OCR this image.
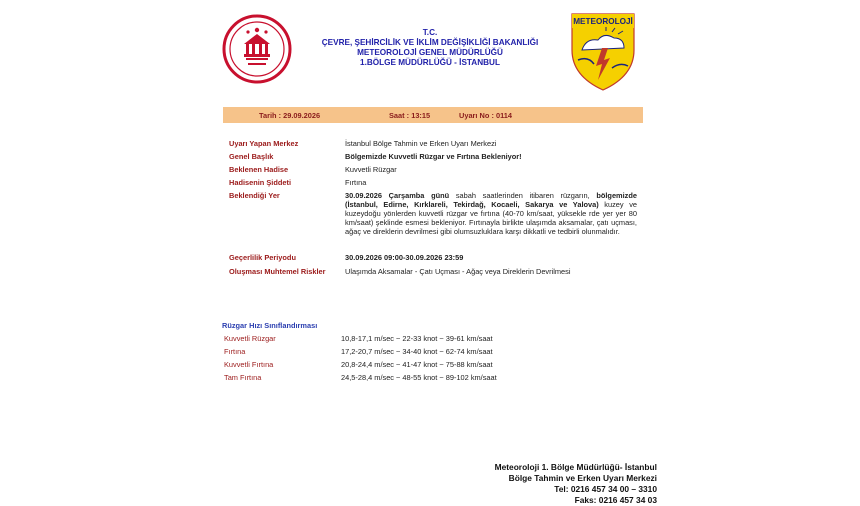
T.C.
ÇEVRE, ŞEHİRCİLİK VE İKLİM DEĞİŞİKLİĞİ BAKANLIĞI
METEOROLOJİ GENEL MÜDÜRLÜĞÜ
1.BÖLGE MÜDÜRLÜĞÜ - İSTANBUL
METEOROLOJİ
Tarih : 29.09.2026	Saat : 13:15	Uyarı No : 0114
Uyarı Yapan Merkez	İstanbul Bölge Tahmin ve Erken Uyarı Merkezi
Genel Başlık	Bölgemizde Kuvvetli Rüzgar ve Fırtına Bekleniyor!
Beklenen Hadise	Kuvvetli Rüzgar
Hadisenin Şiddeti	Fırtına
Beklendiği Yer	30.09.2026 Çarşamba günü sabah saatlerinden itibaren rüzgarın, bölgemizde (İstanbul, Edirne, Kırklareli, Tekirdağ, Kocaeli, Sakarya ve Yalova) kuzey ve kuzeydoğu yönlerden kuvvetli rüzgar ve fırtına (40-70 km/saat, yüksekle rde yer yer 80 km/saat) şeklinde esmesi bekleniyor. Fırtınayla birlikte ulaşımda aksamalar, çatı uçması, ağaç ve direklerin devrilmesi gibi olumsuzluklara karşı dikkatli ve tedbirli olunmalıdır.
Geçerlilik Periyodu	30.09.2026 09:00-30.09.2026 23:59
Oluşması Muhtemel Riskler	Ulaşımda Aksamalar - Çatı Uçması - Ağaç veya Direklerin Devrilmesi
Rüzgar Hızı Sınıflandırması
Kuvvetli Rüzgar	10,8-17,1 m/sec ~ 22-33 knot ~ 39-61 km/saat
Fırtına	17,2-20,7 m/sec ~ 34-40 knot ~ 62-74 km/saat
Kuvvetli Fırtına	20,8-24,4 m/sec ~ 41-47 knot ~ 75-88 km/saat
Tam Fırtına	24,5-28,4 m/sec ~ 48-55 knot ~ 89-102 km/saat
Meteoroloji 1. Bölge Müdürlüğü- İstanbul
Bölge Tahmin ve Erken Uyarı Merkezi
Tel: 0216 457 34 00 – 3310
Faks: 0216 457 34 03
